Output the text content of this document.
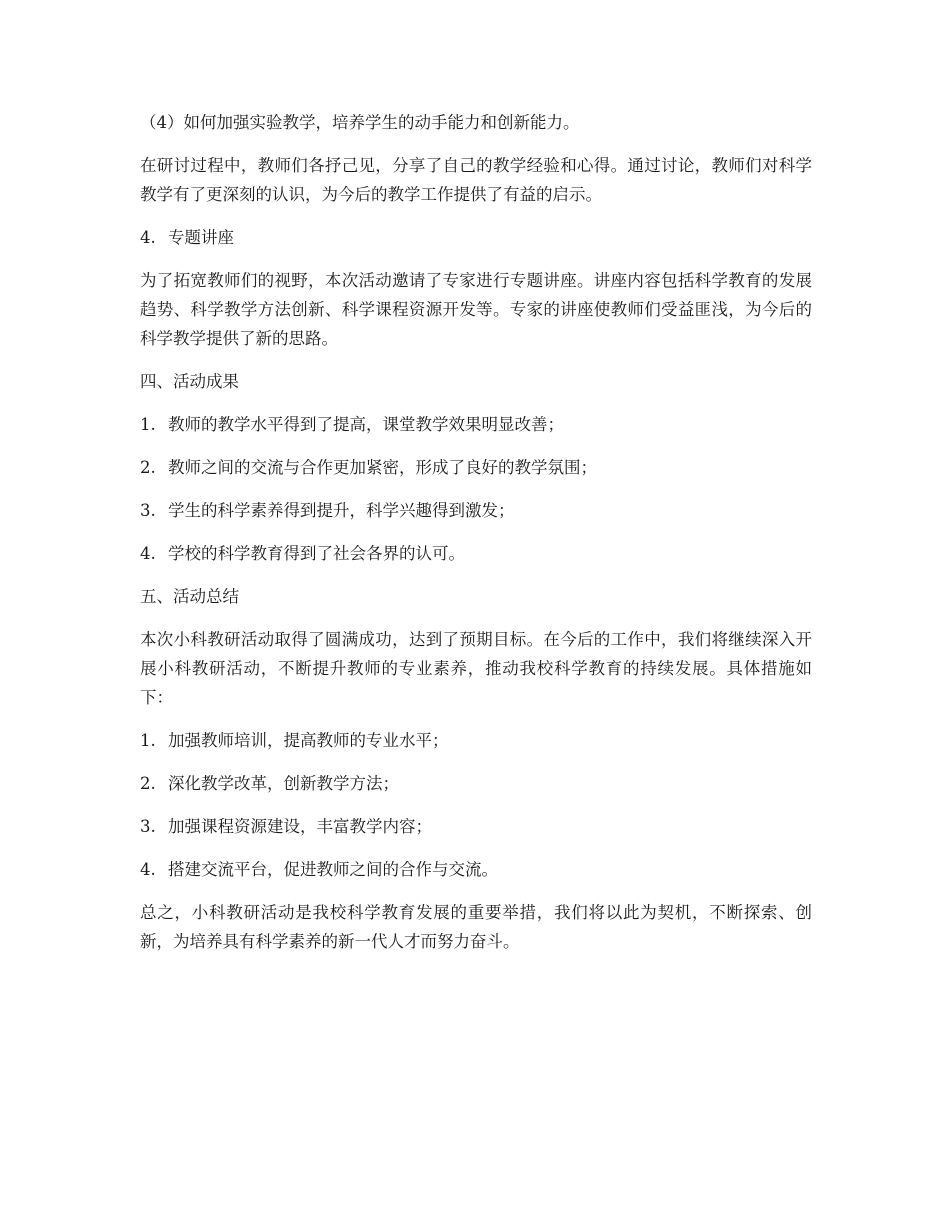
（4）如何加强实验教学，培养学生的动手能力和创新能力。

在研讨过程中，教师们各抒己见，分享了自己的教学经验和心得。通过讨论，教师们对科学教学有了更深刻的认识，为今后的教学工作提供了有益的启示。

4. 专题讲座

为了拓宽教师们的视野，本次活动邀请了专家进行专题讲座。讲座内容包括科学教育的发展趋势、科学教学方法创新、科学课程资源开发等。专家的讲座使教师们受益匪浅，为今后的科学教学提供了新的思路。

四、活动成果

1. 教师的教学水平得到了提高，课堂教学效果明显改善；
2. 教师之间的交流与合作更加紧密，形成了良好的教学氛围；
3. 学生的科学素养得到提升，科学兴趣得到激发；
4. 学校的科学教育得到了社会各界的认可。

五、活动总结

本次小科教研活动取得了圆满成功，达到了预期目标。在今后的工作中，我们将继续深入开展小科教研活动，不断提升教师的专业素养，推动我校科学教育的持续发展。具体措施如下：

1. 加强教师培训，提高教师的专业水平；
2. 深化教学改革，创新教学方法；
3. 加强课程资源建设，丰富教学内容；
4. 搭建交流平台，促进教师之间的合作与交流。

总之，小科教研活动是我校科学教育发展的重要举措，我们将以此为契机，不断探索、创新，为培养具有科学素养的新一代人才而努力奋斗。
